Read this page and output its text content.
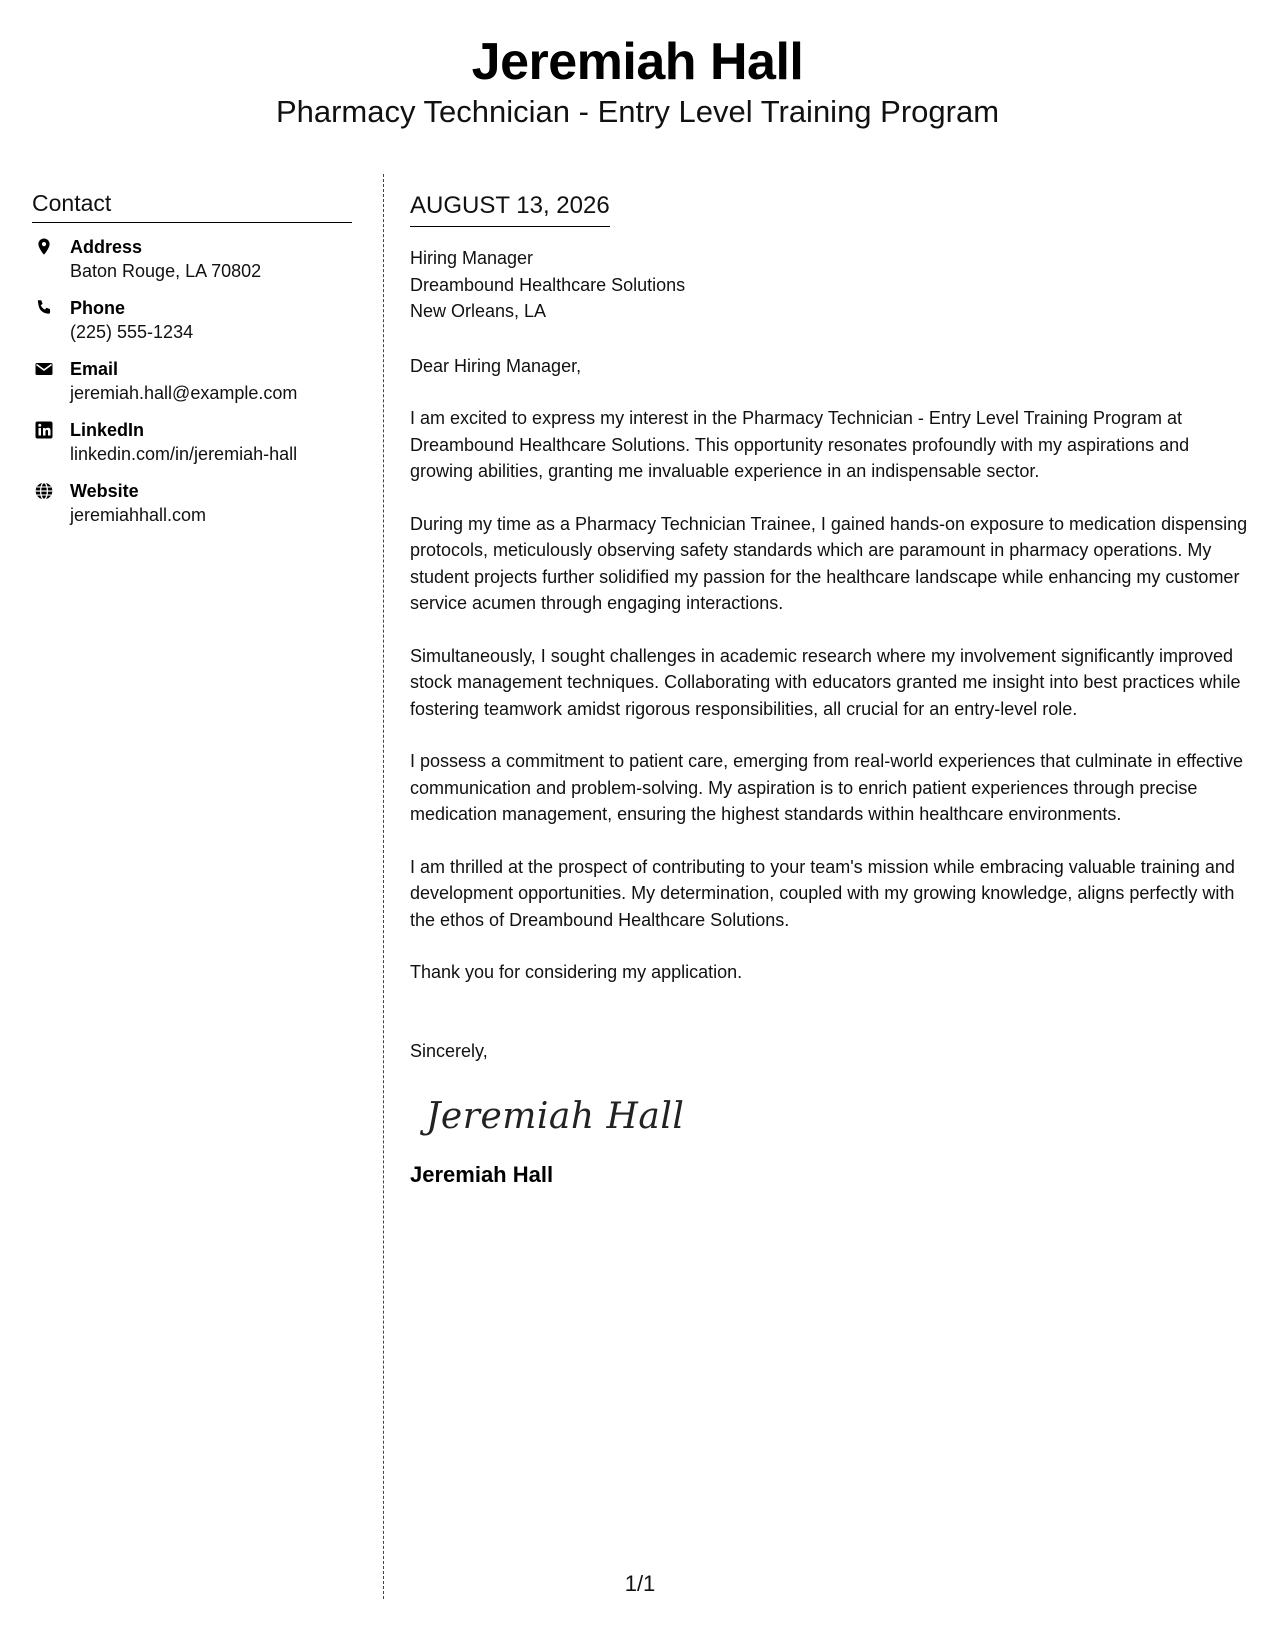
Jeremiah Hall
Pharmacy Technician - Entry Level Training Program
Contact
Address
Baton Rouge, LA 70802
Phone
(225) 555-1234
Email
jeremiah.hall@example.com
LinkedIn
linkedin.com/in/jeremiah-hall
Website
jeremiahhall.com
AUGUST 13, 2026
Hiring Manager
Dreambound Healthcare Solutions
New Orleans, LA
Dear Hiring Manager,
I am excited to express my interest in the Pharmacy Technician - Entry Level Training Program at Dreambound Healthcare Solutions. This opportunity resonates profoundly with my aspirations and growing abilities, granting me invaluable experience in an indispensable sector.
During my time as a Pharmacy Technician Trainee, I gained hands-on exposure to medication dispensing protocols, meticulously observing safety standards which are paramount in pharmacy operations. My student projects further solidified my passion for the healthcare landscape while enhancing my customer service acumen through engaging interactions.
Simultaneously, I sought challenges in academic research where my involvement significantly improved stock management techniques. Collaborating with educators granted me insight into best practices while fostering teamwork amidst rigorous responsibilities, all crucial for an entry-level role.
I possess a commitment to patient care, emerging from real-world experiences that culminate in effective communication and problem-solving. My aspiration is to enrich patient experiences through precise medication management, ensuring the highest standards within healthcare environments.
I am thrilled at the prospect of contributing to your team's mission while embracing valuable training and development opportunities. My determination, coupled with my growing knowledge, aligns perfectly with the ethos of Dreambound Healthcare Solutions.
Thank you for considering my application.
Sincerely,
Jeremiah Hall
Jeremiah Hall
1/1
